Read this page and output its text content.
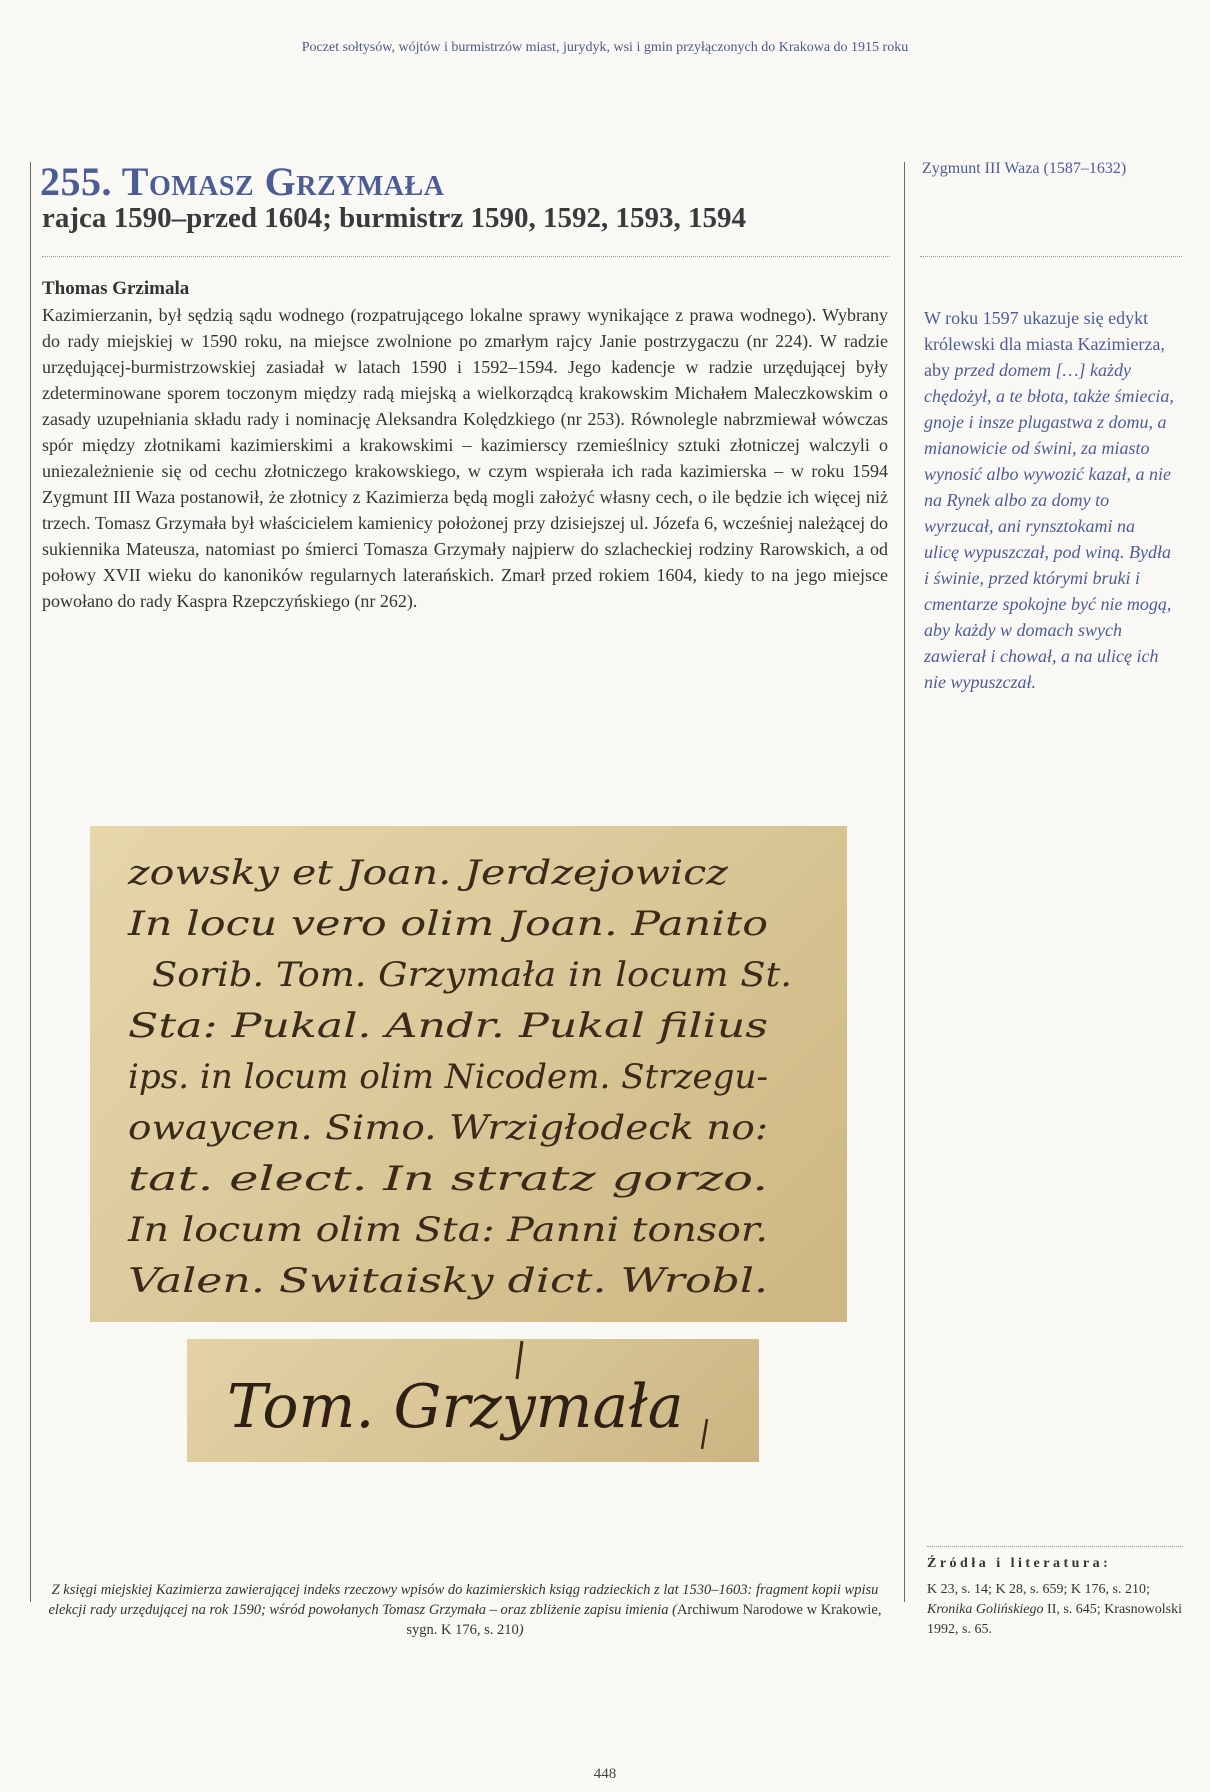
Poczet sołtysów, wójtów i burmistrzów miast, jurydyk, wsi i gmin przyłączonych do Krakowa do 1915 roku
255. Tomasz Grzymała
rajca 1590–przed 1604; burmistrz 1590, 1592, 1593, 1594
Thomas Grzimala
Kazimierzanin, był sędzią sądu wodnego (rozpatrującego lokalne sprawy wynikające z prawa wodnego). Wybrany do rady miejskiej w 1590 roku, na miejsce zwolnione po zmarłym rajcy Janie postrzygaczu (nr 224). W radzie urzędującej-burmistrzowskiej zasiadał w latach 1590 i 1592–1594. Jego kadencje w radzie urzędującej były zdeterminowane sporem toczonym między radą miejską a wielkorządcą krakowskim Michałem Maleczkowskim o zasady uzupełniania składu rady i nominację Aleksandra Kolędzkiego (nr 253). Równolegle nabrzmiewał wówczas spór między złotnikami kazimierskimi a krakowskimi – kazimierscy rzemieślnicy sztuki złotniczej walczyli o uniezależnienie się od cechu złotniczego krakowskiego, w czym wspierała ich rada kazimierska – w roku 1594 Zygmunt III Waza postanowił, że złotnicy z Kazimierza będą mogli założyć własny cech, o ile będzie ich więcej niż trzech. Tomasz Grzymała był właścicielem kamienicy położonej przy dzisiejszej ul. Józefa 6, wcześniej należącej do sukiennika Mateusza, natomiast po śmierci Tomasza Grzymały najpierw do szlacheckiej rodziny Rarowskich, a od połowy XVII wieku do kanoników regularnych laterańskich. Zmarł przed rokiem 1604, kiedy to na jego miejsce powołano do rady Kaspra Rzepczyńskiego (nr 262).
Zygmunt III Waza (1587–1632)
W roku 1597 ukazuje się edykt królewski dla miasta Kazimierza, aby przed domem […] każdy chędożył, a te błota, także śmiecia, gnoje i insze plugastwa z domu, a mianowicie od świni, za miasto wynosić albo wywozić kazał, a nie na Rynek albo za domy to wyrzucał, ani rynsztokami na ulicę wypuszczał, pod winą. Bydła i świnie, przed którymi bruki i cmentarze spokojne być nie mogą, aby każdy w domach swych zawierał i chował, a na ulicę ich nie wypuszczał.
zowsky et Joan. Jerdzejowicz
In locu vero olim Joan. Panito
Sorib. Tom. Grzymała in locum St.
Sta: Pukal. Andr. Pukal filius
ips. in locum olim Nicodem. Strzegu-
owaycen. Simo. Wrzigłodeck no:
tat. elect. In stratz gorzo.
In locum olim Sta: Panni tonsor.
Valen. Switaisky dict. Wrobl.
Tom. Grzymała
Z księgi miejskiej Kazimierza zawierającej indeks rzeczowy wpisów do kazimierskich ksiąg radzieckich z lat 1530–1603: fragment kopii wpisu elekcji rady urzędującej na rok 1590; wśród powołanych Tomasz Grzymała – oraz zbliżenie zapisu imienia (Archiwum Narodowe w Krakowie, sygn. K 176, s. 210)
Źródła i literatura:
K 23, s. 14; K 28, s. 659; K 176, s. 210; Kronika Golińskiego II, s. 645; Krasnowolski 1992, s. 65.
448
